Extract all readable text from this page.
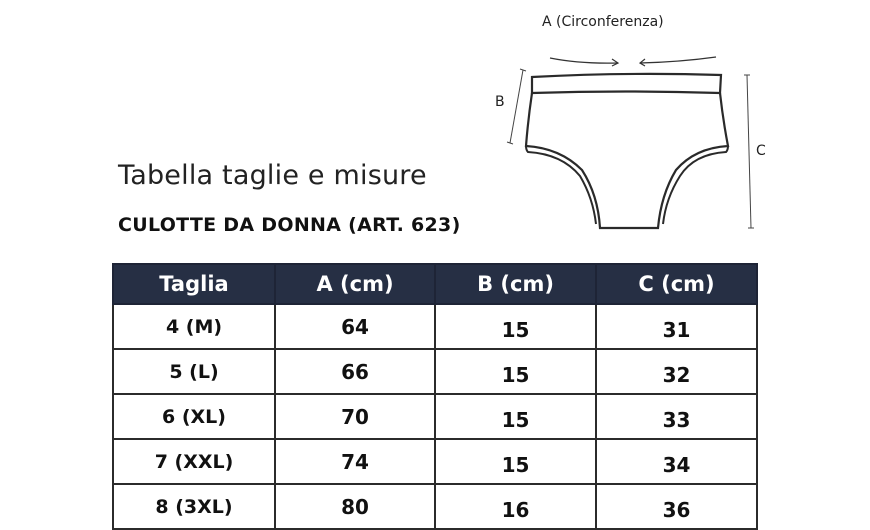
Tabella taglie e misure
CULOTTE DA DONNA (ART. 623)
A (Circonferenza)
B
C
Taglia	A (cm)	B (cm)	C (cm)
4 (M)	64	15	31
5 (L)	66	15	32
6 (XL)	70	15	33
7 (XXL)	74	15	34
8 (3XL)	80	16	36
